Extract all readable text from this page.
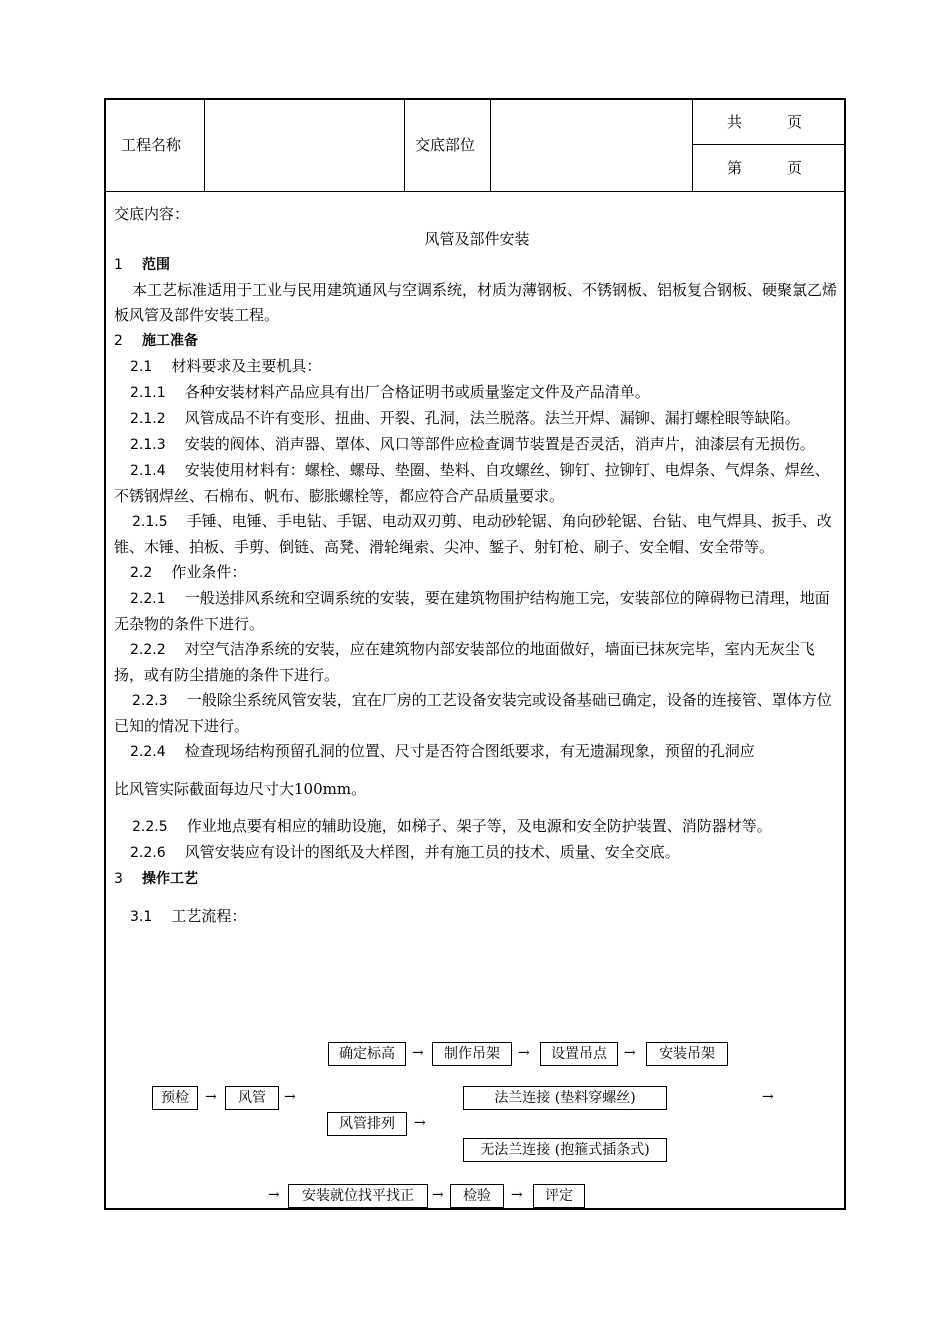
工程名称	交底部位
共　　　页
第　　　页

交底内容：

风管及部件安装

1 范围

本工艺标准适用于工业与民用建筑通风与空调系统，材质为薄钢板、不锈钢板、铝板复合钢板、硬聚氯乙烯板风管及部件安装工程。

2 施工准备

2.1 材料要求及主要机具：

2.1.1 各种安装材料产品应具有出厂合格证明书或质量鉴定文件及产品清单。

2.1.2 风管成品不许有变形、扭曲、开裂、孔洞，法兰脱落。法兰开焊、漏铆、漏打螺栓眼等缺陷。

2.1.3 安装的阀体、消声器、罩体、风口等部件应检查调节装置是否灵活，消声片，油漆层有无损伤。

2.1.4 安装使用材料有：螺栓、螺母、垫圈、垫料、自攻螺丝、铆钉、拉铆钉、电焊条、气焊条、焊丝、不锈钢焊丝、石棉布、帆布、膨胀螺栓等，都应符合产品质量要求。

2.1.5 手锤、电锤、手电钻、手锯、电动双刃剪、电动砂轮锯、角向砂轮锯、台钻、电气焊具、扳手、改锥、木锤、拍板、手剪、倒链、高凳、滑轮绳索、尖冲、錾子、射钉枪、刷子、安全帽、安全带等。

2.2 作业条件：

2.2.1 一般送排风系统和空调系统的安装，要在建筑物围护结构施工完，安装部位的障碍物已清理，地面无杂物的条件下进行。

2.2.2 对空气洁净系统的安装，应在建筑物内部安装部位的地面做好，墙面已抹灰完毕，室内无灰尘飞扬，或有防尘措施的条件下进行。

2.2.3 一般除尘系统风管安装，宜在厂房的工艺设备安装完或设备基础已确定，设备的连接管、罩体方位已知的情况下进行。

2.2.4 检查现场结构预留孔洞的位置、尺寸是否符合图纸要求，有无遗漏现象，预留的孔洞应

比风管实际截面每边尺寸大100mm。

2.2.5 作业地点要有相应的辅助设施，如梯子、架子等，及电源和安全防护装置、消防器材等。

2.2.6 风管安装应有设计的图纸及大样图，并有施工员的技术、质量、安全交底。

3 操作工艺

3.1 工艺流程：

确定标高	→	制作吊架	→	设置吊点	→	安装吊架
预检	→	风管	→	法兰连接 (垫料穿螺丝)	→
风管排列	→
无法兰连接 (抱箍式插条式)
→	安装就位找平找正	→	检验	→	评定
